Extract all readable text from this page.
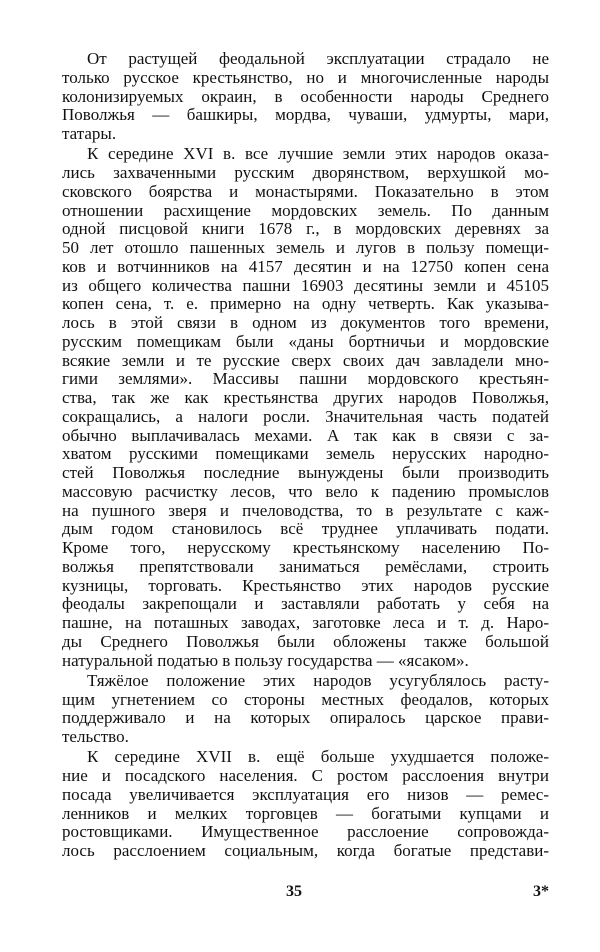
От растущей феодальной эксплуатации страдало не
только русское крестьянство, но и многочисленные народы
колонизируемых окраин, в особенности народы Среднего
Поволжья — башкиры, мордва, чуваши, удмурты, мари,
татары.
К середине XVI в. все лучшие земли этих народов оказа-
лись захваченными русским дворянством, верхушкой мо-
сковского боярства и монастырями. Показательно в этом
отношении расхищение мордовских земель. По данным
одной писцовой книги 1678 г., в мордовских деревнях за
50 лет отошло пашенных земель и лугов в пользу помещи-
ков и вотчинников на 4157 десятин и на 12750 копен сена
из общего количества пашни 16903 десятины земли и 45105
копен сена, т. е. примерно на одну четверть. Как указыва-
лось в этой связи в одном из документов того времени,
русским помещикам были «даны бортничьи и мордовские
всякие земли и те русские сверх своих дач завладели мно-
гими землями». Массивы пашни мордовского крестьян-
ства, так же как крестьянства других народов Поволжья,
сокращались, а налоги росли. Значительная часть податей
обычно выплачивалась мехами. А так как в связи с за-
хватом русскими помещиками земель нерусских народно-
стей Поволжья последние вынуждены были производить
массовую расчистку лесов, что вело к падению промыслов
на пушного зверя и пчеловодства, то в результате с каж-
дым годом становилось всё труднее уплачивать подати.
Кроме того, нерусскому крестьянскому населению По-
волжья препятствовали заниматься ремёслами, строить
кузницы, торговать. Крестьянство этих народов русские
феодалы закрепощали и заставляли работать у себя на
пашне, на поташных заводах, заготовке леса и т. д. Наро-
ды Среднего Поволжья были обложены также большой
натуральной податью в пользу государства — «ясаком».
Тяжёлое положение этих народов усугублялось расту-
щим угнетением со стороны местных феодалов, которых
поддерживало и на которых опиралось царское прави-
тельство.
К середине XVII в. ещё больше ухудшается положе-
ние и посадского населения. С ростом расслоения внутри
посада увеличивается эксплуатация его низов — ремес-
ленников и мелких торговцев — богатыми купцами и
ростовщиками. Имущественное расслоение сопровожда-
лось расслоением социальным, когда богатые представи-
35	3*
